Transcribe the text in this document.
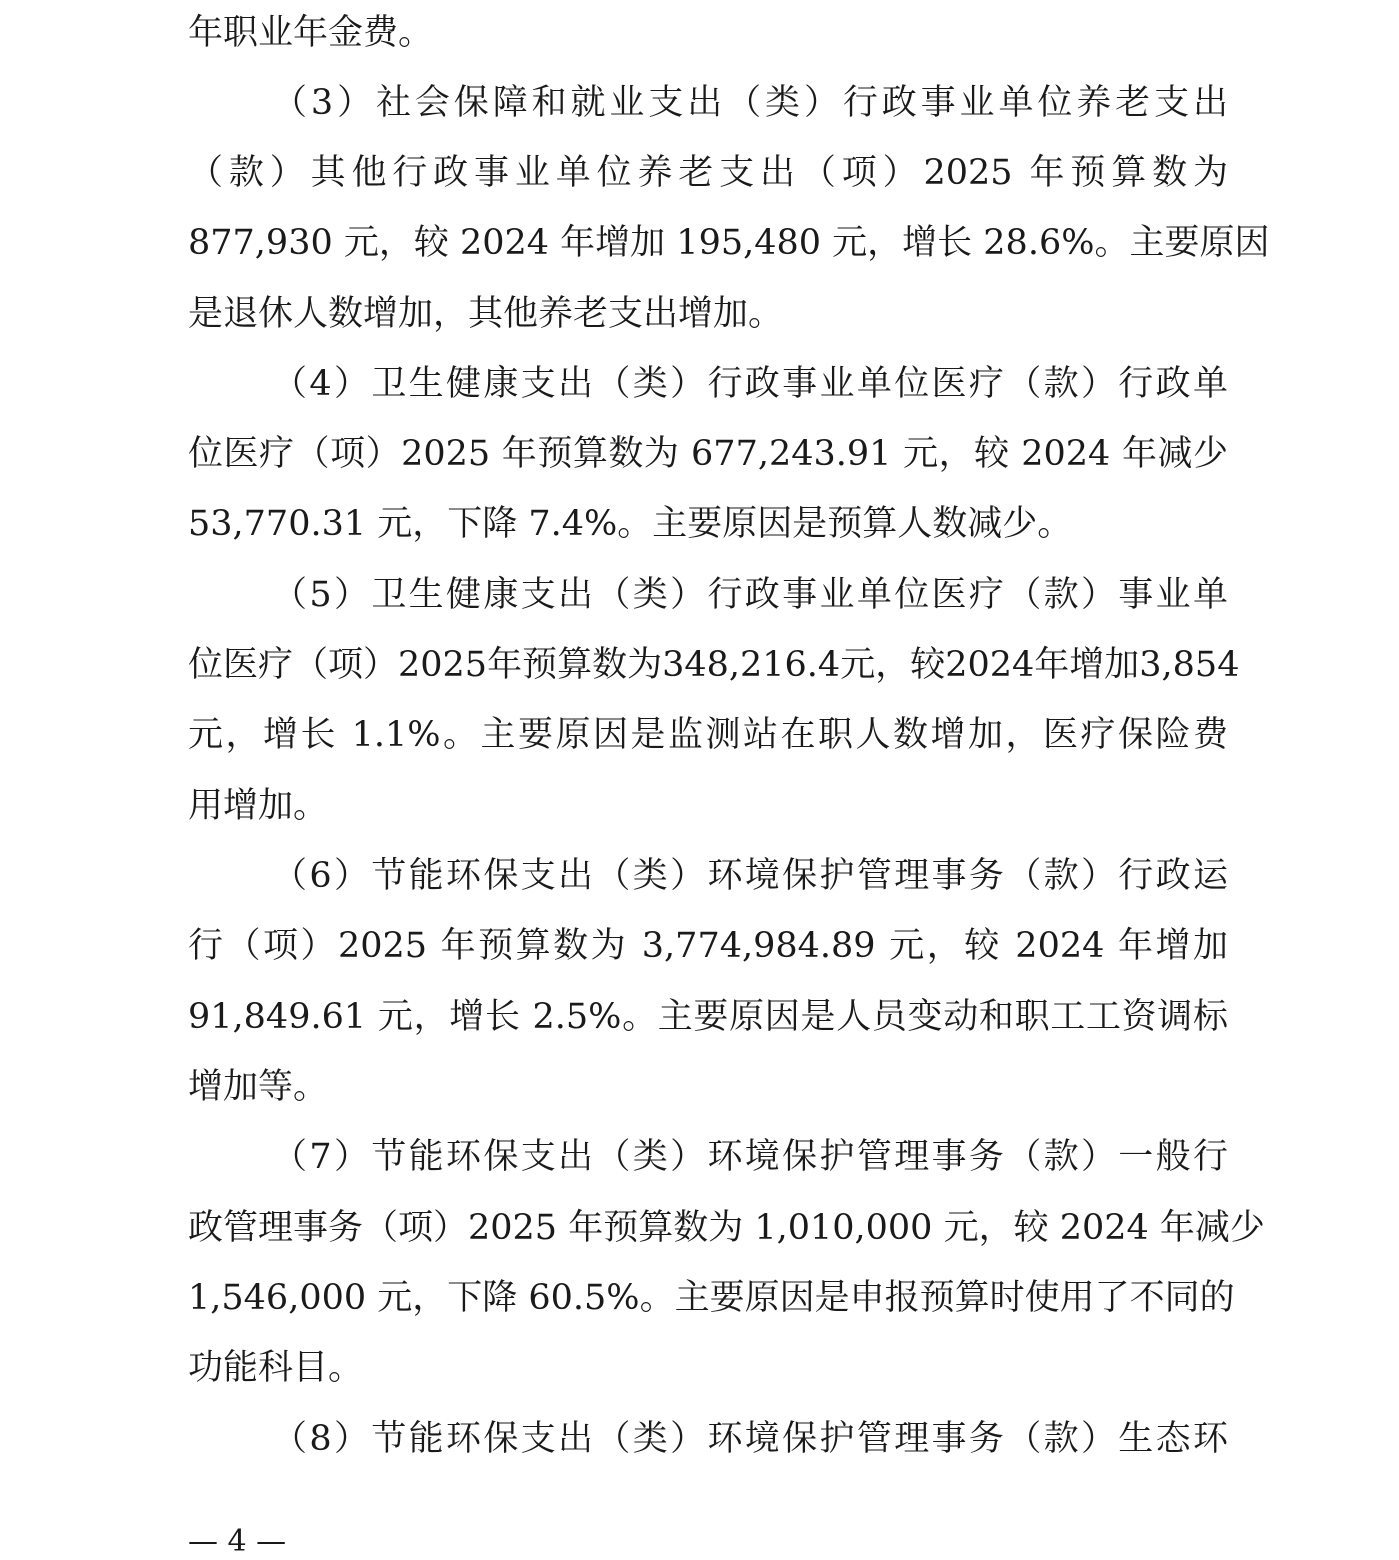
年职业年金费。
（3）社会保障和就业支出（类）行政事业单位养老支出
（款）其他行政事业单位养老支出（项）2025 年预算数为
877,930 元，较 2024 年增加 195,480 元，增长 28.6%。主要原因
是退休人数增加，其他养老支出增加。
（4）卫生健康支出（类）行政事业单位医疗（款）行政单
位医疗（项）2025 年预算数为 677,243.91 元，较 2024 年减少
53,770.31 元，下降 7.4%。主要原因是预算人数减少。
（5）卫生健康支出（类）行政事业单位医疗（款）事业单
位医疗（项）2025年预算数为348,216.4元，较2024年增加3,854
元，增长 1.1%。主要原因是监测站在职人数增加，医疗保险费
用增加。
（6）节能环保支出（类）环境保护管理事务（款）行政运
行（项）2025 年预算数为 3,774,984.89 元，较 2024 年增加
91,849.61 元，增长 2.5%。主要原因是人员变动和职工工资调标
增加等。
（7）节能环保支出（类）环境保护管理事务（款）一般行
政管理事务（项）2025 年预算数为 1,010,000 元，较 2024 年减少
1,546,000 元，下降 60.5%。主要原因是申报预算时使用了不同的
功能科目。
（8）节能环保支出（类）环境保护管理事务（款）生态环
— 4 —
